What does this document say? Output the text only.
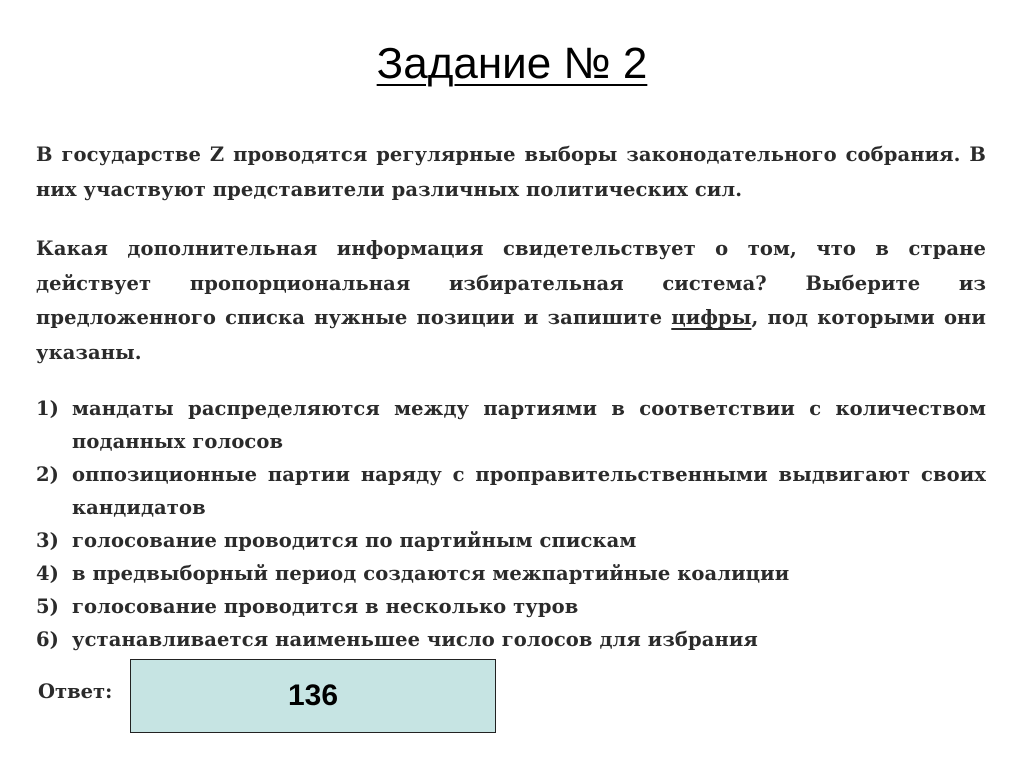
Задание № 2

В государстве Z проводятся регулярные выборы законодательного собрания. В них участвуют представители различных политических сил.

Какая дополнительная информация свидетельствует о том, что в стране действует пропорциональная избирательная система? Выберите из предложенного списка нужные позиции и запишите цифры, под которыми они указаны.

1) мандаты распределяются между партиями в соответствии с количеством поданных голосов
2) оппозиционные партии наряду с проправительственными выдвигают своих кандидатов
3) голосование проводится по партийным спискам
4) в предвыборный период создаются межпартийные коалиции
5) голосование проводится в несколько туров
6) устанавливается наименьшее число голосов для избрания
Ответ:	136
